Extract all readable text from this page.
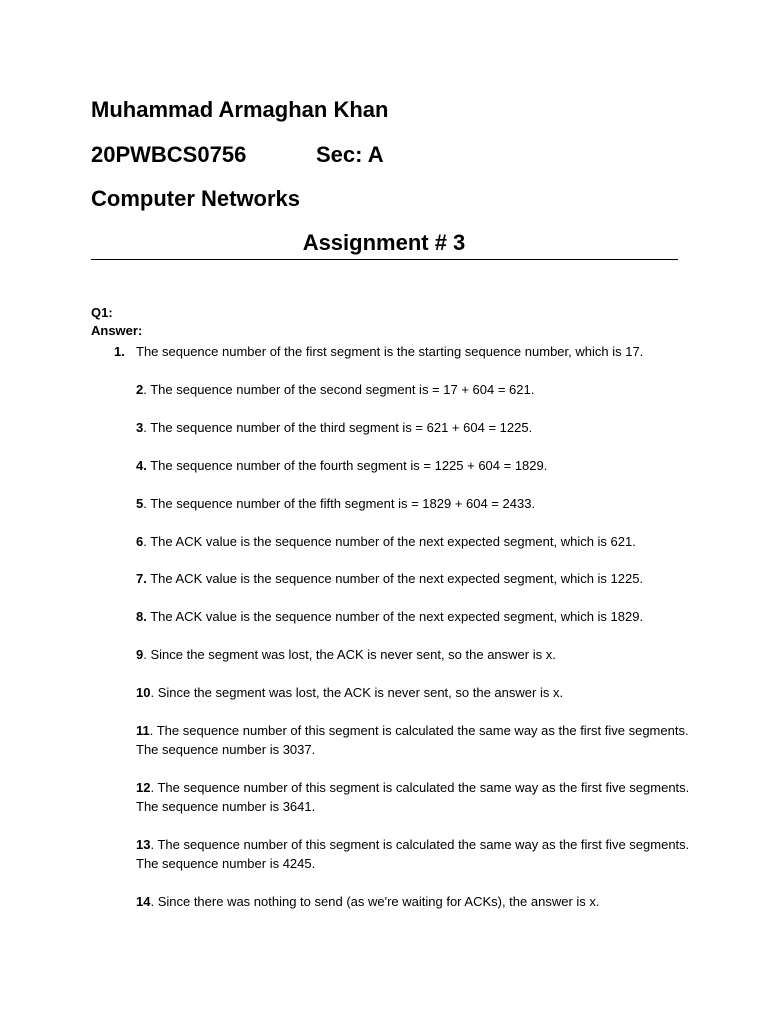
Muhammad Armaghan Khan
20PWBCS0756	Sec: A
Computer Networks
Assignment # 3
Q1:
Answer:
1. The sequence number of the first segment is the starting sequence number, which is 17.
2. The sequence number of the second segment is = 17 + 604 = 621.
3. The sequence number of the third segment is = 621 + 604 = 1225.
4. The sequence number of the fourth segment is = 1225 + 604 = 1829.
5. The sequence number of the fifth segment is = 1829 + 604 = 2433.
6. The ACK value is the sequence number of the next expected segment, which is 621.
7. The ACK value is the sequence number of the next expected segment, which is 1225.
8. The ACK value is the sequence number of the next expected segment, which is 1829.
9. Since the segment was lost, the ACK is never sent, so the answer is x.
10. Since the segment was lost, the ACK is never sent, so the answer is x.
11. The sequence number of this segment is calculated the same way as the first five segments. The sequence number is 3037.
12. The sequence number of this segment is calculated the same way as the first five segments. The sequence number is 3641.
13. The sequence number of this segment is calculated the same way as the first five segments. The sequence number is 4245.
14. Since there was nothing to send (as we're waiting for ACKs), the answer is x.
